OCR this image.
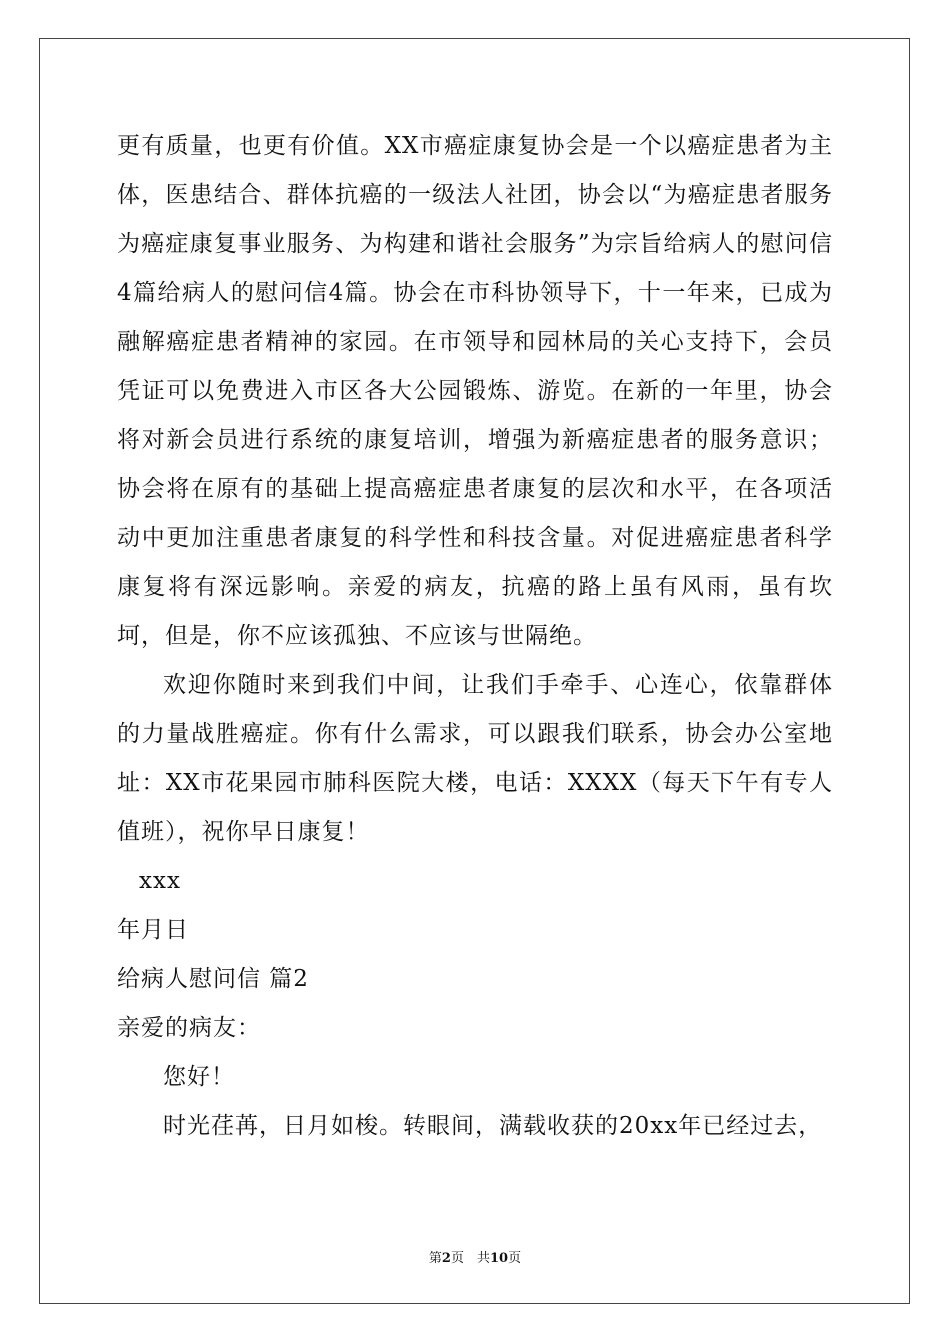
更有质量，也更有价值。XX市癌症康复协会是一个以癌症患者为主体，医患结合、群体抗癌的一级法人社团，协会以“为癌症患者服务为癌症康复事业服务、为构建和谐社会服务”为宗旨给病人的慰问信4篇给病人的慰问信4篇。协会在市科协领导下，十一年来，已成为融解癌症患者精神的家园。在市领导和园林局的关心支持下，会员凭证可以免费进入市区各大公园锻炼、游览。在新的一年里，协会将对新会员进行系统的康复培训，增强为新癌症患者的服务意识；协会将在原有的基础上提高癌症患者康复的层次和水平，在各项活动中更加注重患者康复的科学性和科技含量。对促进癌症患者科学康复将有深远影响。亲爱的病友，抗癌的路上虽有风雨，虽有坎坷，但是，你不应该孤独、不应该与世隔绝。

欢迎你随时来到我们中间，让我们手牵手、心连心，依靠群体的力量战胜癌症。你有什么需求，可以跟我们联系，协会办公室地址：XX市花果园市肺科医院大楼，电话：XXXX（每天下午有专人值班），祝你早日康复！

xxx

年月日

给病人慰问信 篇2

亲爱的病友：

您好！

时光荏苒，日月如梭。转眼间，满载收获的20xx年已经过去，

第2页　共10页
